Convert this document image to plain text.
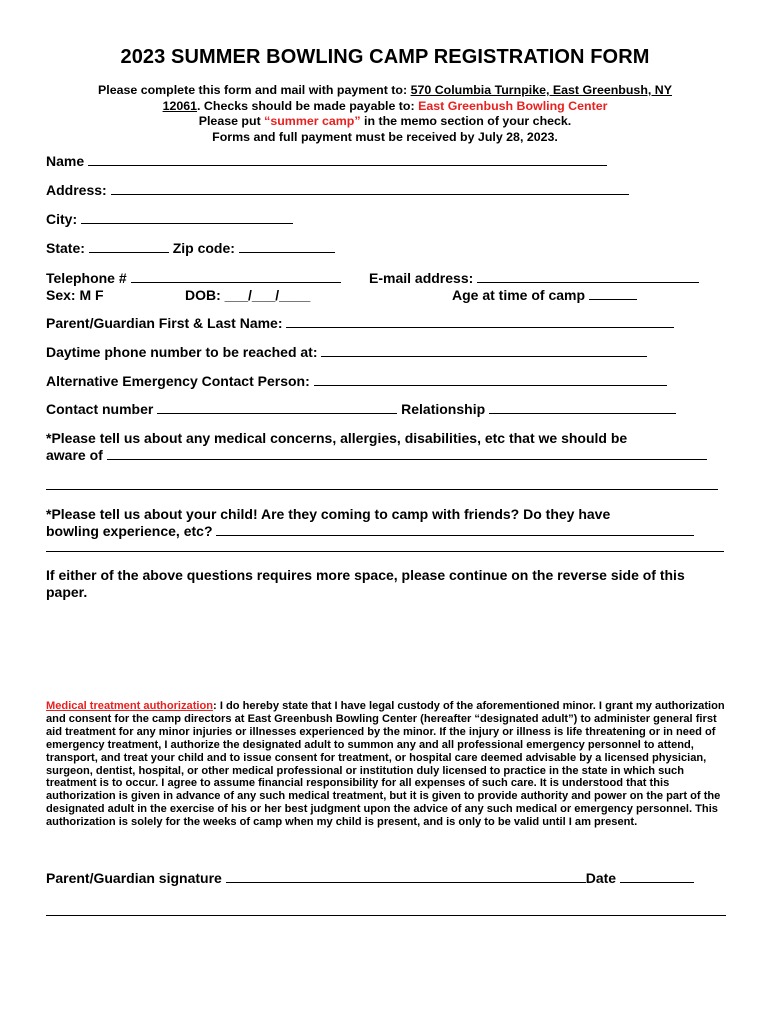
2023 SUMMER BOWLING CAMP REGISTRATION FORM
Please complete this form and mail with payment to: 570 Columbia Turnpike, East Greenbush, NY
12061. Checks should be made payable to: East Greenbush Bowling Center
Please put “summer camp” in the memo section of your check.
Forms and full payment must be received by July 28, 2023.
Name
Address:
City:
State:	Zip code:
Telephone #	E-mail address:
Sex: M F	DOB: ___/___/____	Age at time of camp
Parent/Guardian First & Last Name:
Daytime phone number to be reached at:
Alternative Emergency Contact Person:
Contact number	Relationship
*Please tell us about any medical concerns, allergies, disabilities, etc that we should be
aware of
*Please tell us about your child! Are they coming to camp with friends? Do they have
bowling experience, etc?
If either of the above questions requires more space, please continue on the reverse side of this paper.
Medical treatment authorization: I do hereby state that I have legal custody of the aforementioned minor. I grant my authorization and consent for the camp directors at East Greenbush Bowling Center (hereafter “designated adult”) to administer general first aid treatment for any minor injuries or illnesses experienced by the minor. If the injury or illness is life threatening or in need of emergency treatment, I authorize the designated adult to summon any and all professional emergency personnel to attend, transport, and treat your child and to issue consent for treatment, or hospital care deemed advisable by a licensed physician, surgeon, dentist, hospital, or other medical professional or institution duly licensed to practice in the state in which such treatment is to occur. I agree to assume financial responsibility for all expenses of such care. It is understood that this authorization is given in advance of any such medical treatment, but it is given to provide authority and power on the part of the designated adult in the exercise of his or her best judgment upon the advice of any such medical or emergency personnel. This authorization is solely for the weeks of camp when my child is present, and is only to be valid until I am present.
Parent/Guardian signature	Date
